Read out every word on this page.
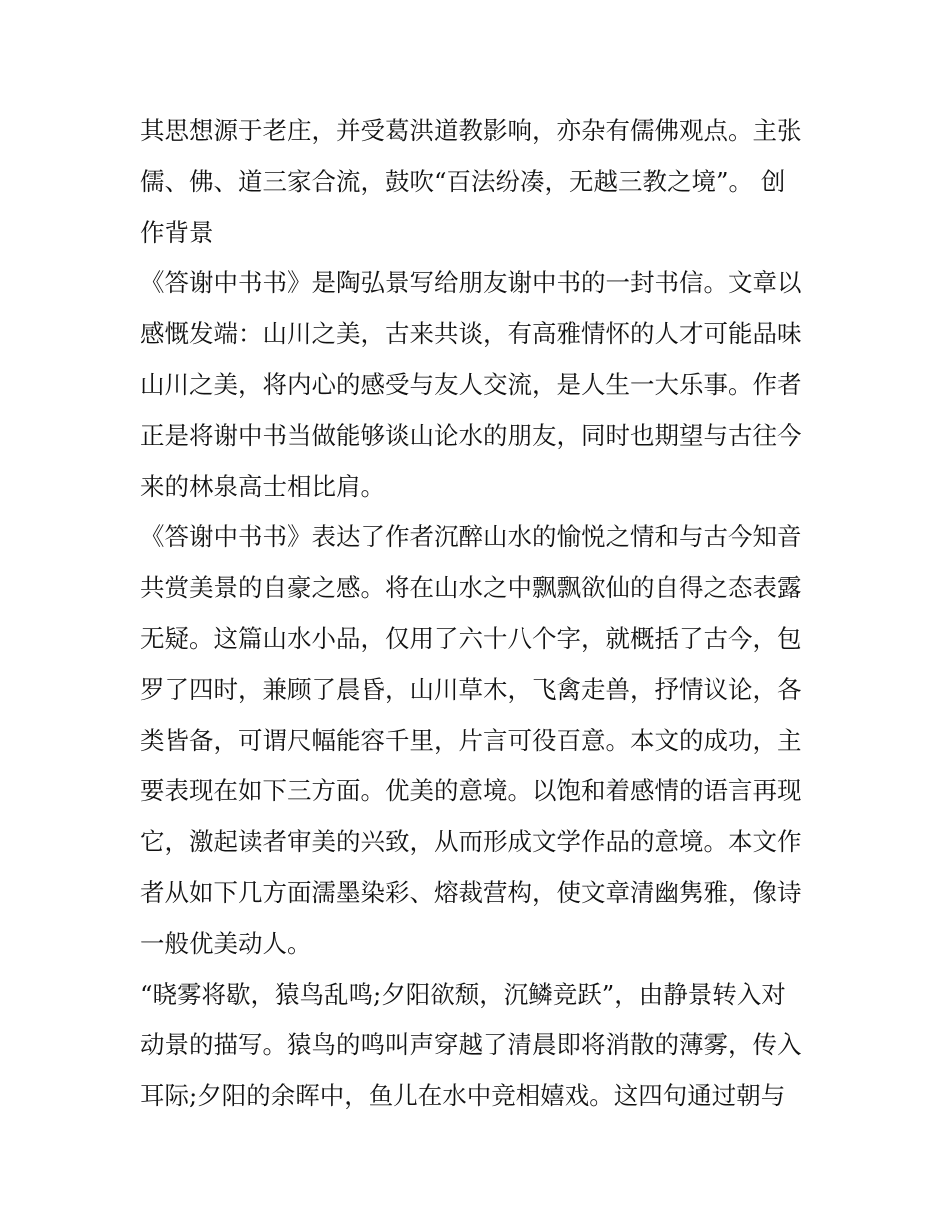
其思想源于老庄，并受葛洪道教影响，亦杂有儒佛观点。主张
儒、佛、道三家合流，鼓吹“百法纷凑，无越三教之境”。 创
作背景
《答谢中书书》是陶弘景写给朋友谢中书的一封书信。文章以
感慨发端：山川之美，古来共谈，有高雅情怀的人才可能品味
山川之美，将内心的感受与友人交流，是人生一大乐事。作者
正是将谢中书当做能够谈山论水的朋友，同时也期望与古往今
来的林泉高士相比肩。
《答谢中书书》表达了作者沉醉山水的愉悦之情和与古今知音
共赏美景的自豪之感。将在山水之中飘飘欲仙的自得之态表露
无疑。这篇山水小品，仅用了六十八个字，就概括了古今，包
罗了四时，兼顾了晨昏，山川草木，飞禽走兽，抒情议论，各
类皆备，可谓尺幅能容千里，片言可役百意。本文的成功，主
要表现在如下三方面。优美的意境。以饱和着感情的语言再现
它，激起读者审美的兴致，从而形成文学作品的意境。本文作
者从如下几方面濡墨染彩、熔裁营构，使文章清幽隽雅，像诗
一般优美动人。
“晓雾将歇，猿鸟乱鸣;夕阳欲颓，沉鳞竞跃”，由静景转入对
动景的描写。猿鸟的鸣叫声穿越了清晨即将消散的薄雾，传入
耳际;夕阳的余晖中，鱼儿在水中竞相嬉戏。这四句通过朝与
